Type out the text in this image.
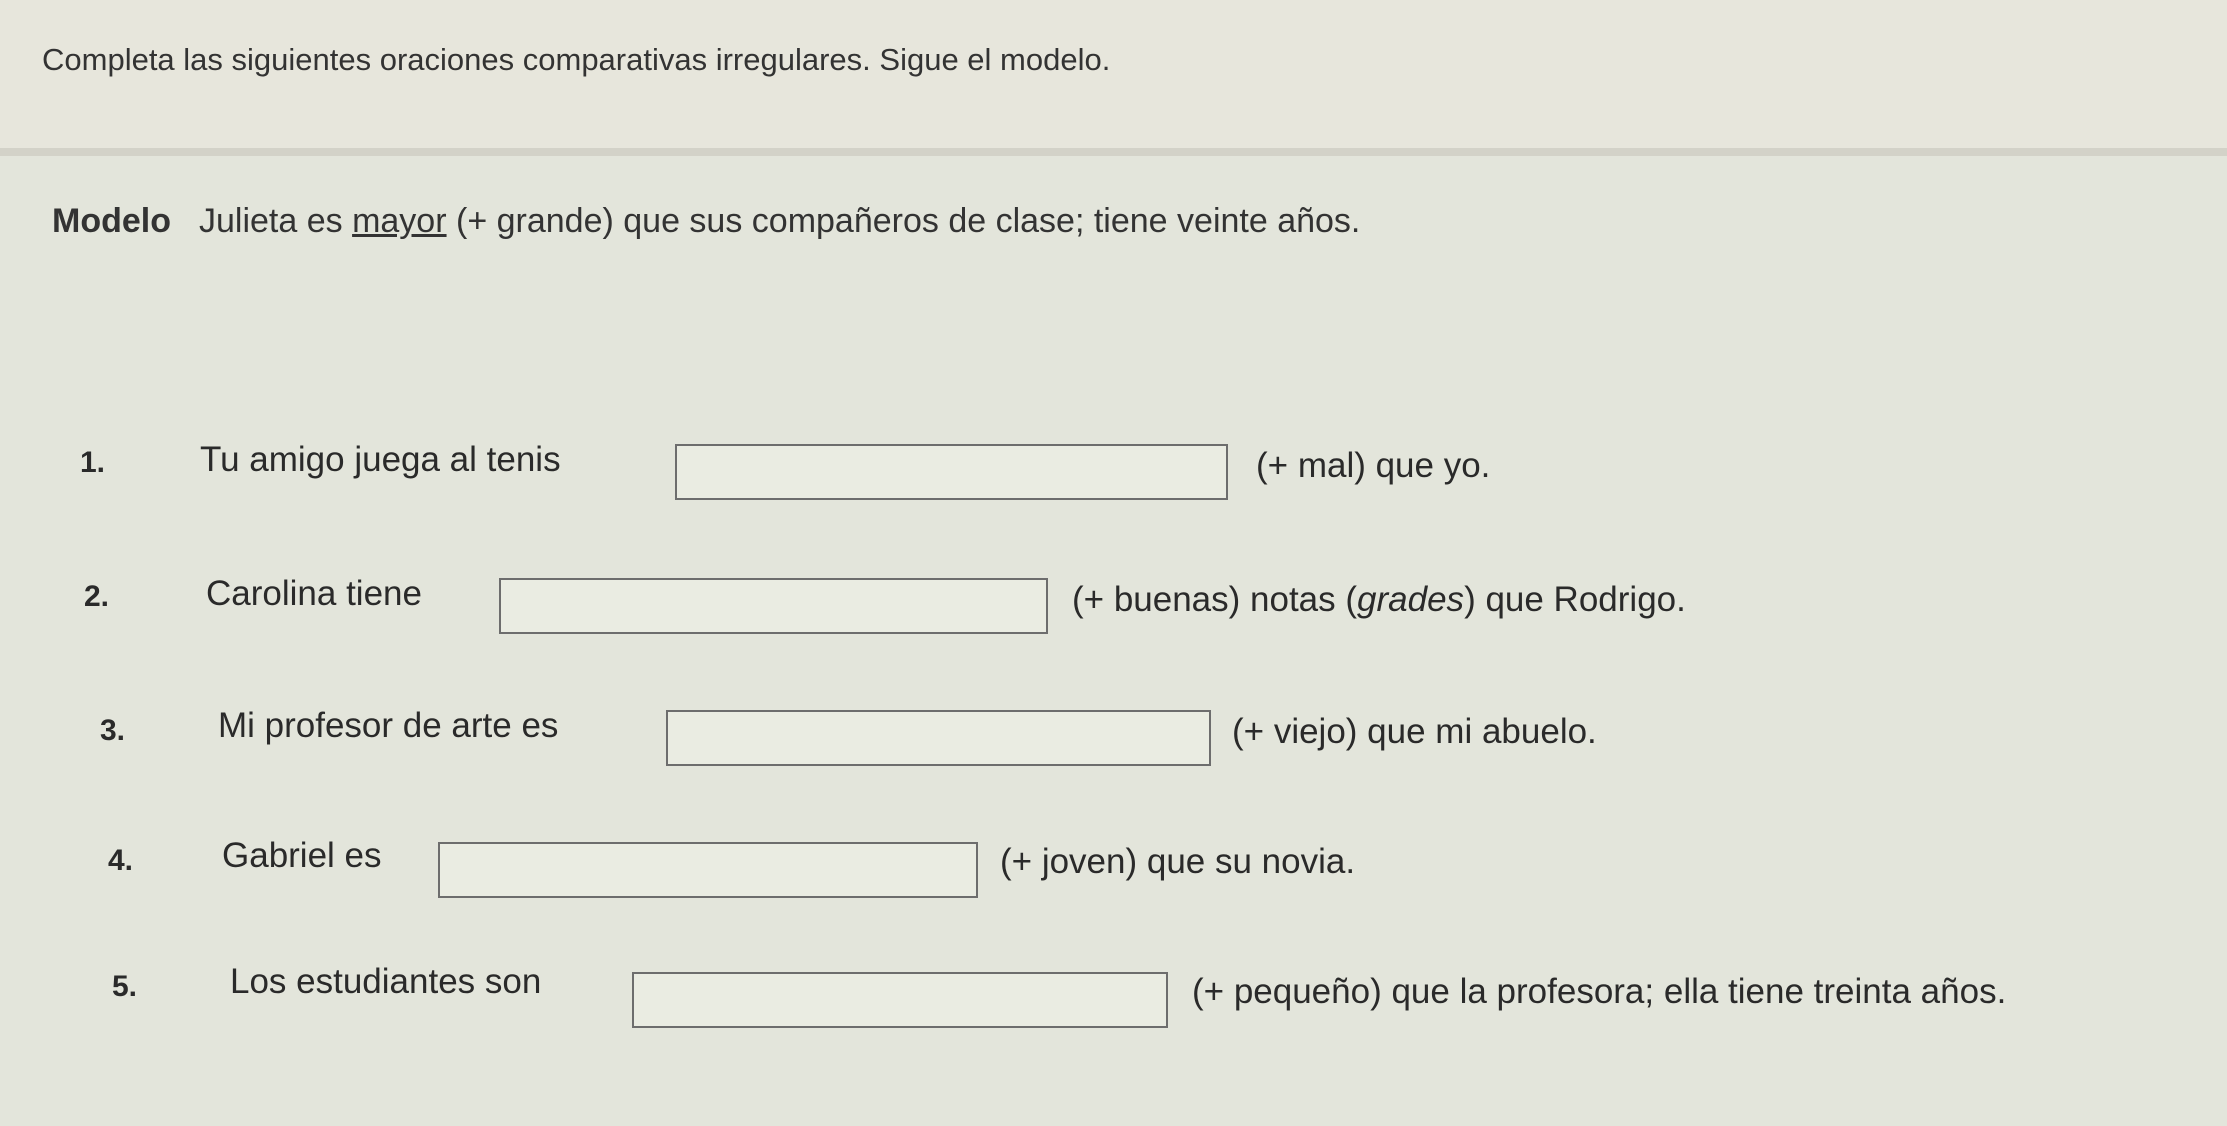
Completa las siguientes oraciones comparativas irregulares. Sigue el modelo.
Modelo Julieta es mayor (+ grande) que sus compañeros de clase; tiene veinte años.
1.	Tu amigo juega al tenis	(+ mal) que yo.
2.	Carolina tiene	(+ buenas) notas (grades) que Rodrigo.
3.	Mi profesor de arte es	(+ viejo) que mi abuelo.
4.	Gabriel es	(+ joven) que su novia.
5.	Los estudiantes son	(+ pequeño) que la profesora; ella tiene treinta años.
